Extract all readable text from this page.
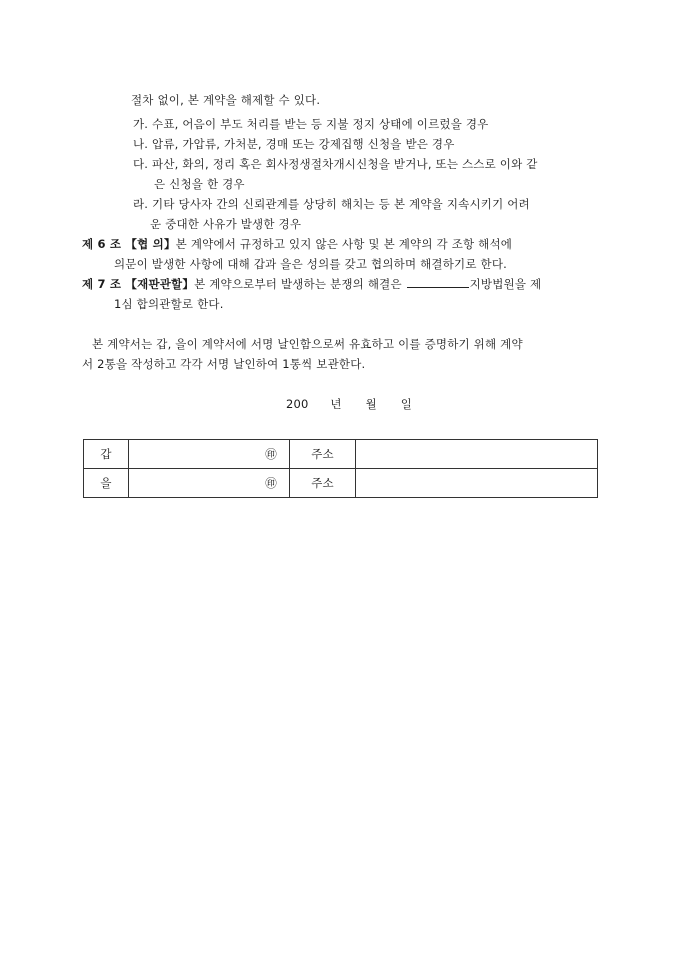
절차 없이, 본 계약을 해제할 수 있다.
가. 수표, 어음이 부도 처리를 받는 등 지불 정지 상태에 이르렀을 경우
나. 압류, 가압류, 가처분, 경매 또는 강제집행 신청을 받은 경우
다. 파산, 화의, 정리 혹은 회사정생절차개시신청을 받거나, 또는 스스로 이와 같
은 신청을 한 경우
라. 기타 당사자 간의 신뢰관계를 상당히 해치는 등 본 계약을 지속시키기 어려
운 중대한 사유가 발생한 경우
제 6 조 【협 의】본 계약에서 규정하고 있지 않은 사항 및 본 계약의 각 조항 해석에
의문이 발생한 사항에 대해 갑과 을은 성의를 갖고 협의하며 해결하기로 한다.
제 7 조 【재판관할】본 계약으로부터 발생하는 분쟁의 해결은	지방법원을 제
1심 합의관할로 한다.
본 계약서는 갑, 을이 계약서에 서명 날인함으로써 유효하고 이를 증명하기 위해 계약
서 2통을 작성하고 각각 서명 날인하여 1통씩 보관한다.
200 년 월 일
갑	㊞	주소	
을	㊞	주소	
